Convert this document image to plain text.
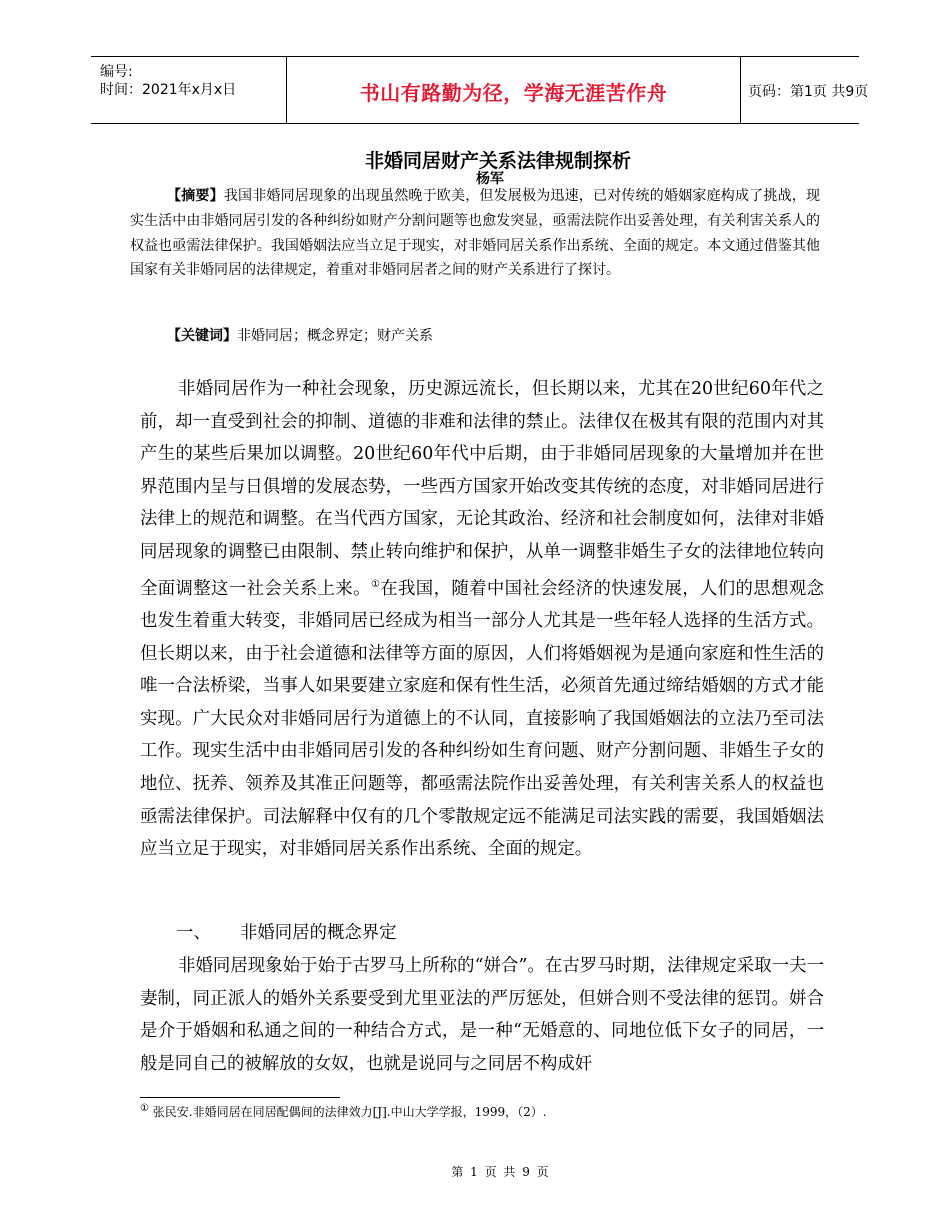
编号:
时间：2021年x月x日	书山有路勤为径，学海无涯苦作舟	页码：第1页 共9页
非婚同居财产关系法律规制探析
杨军

【摘要】我国非婚同居现象的出现虽然晚于欧美，但发展极为迅速，已对传统的婚姻家庭构成了挑战，现实生活中由非婚同居引发的各种纠纷如财产分割问题等也愈发突显，亟需法院作出妥善处理，有关利害关系人的权益也亟需法律保护。我国婚姻法应当立足于现实，对非婚同居关系作出系统、全面的规定。本文通过借鉴其他国家有关非婚同居的法律规定，着重对非婚同居者之间的财产关系进行了探讨。

【关键词】非婚同居；概念界定；财产关系

非婚同居作为一种社会现象，历史源远流长，但长期以来，尤其在20世纪60年代之前，却一直受到社会的抑制、道德的非难和法律的禁止。法律仅在极其有限的范围内对其产生的某些后果加以调整。20世纪60年代中后期，由于非婚同居现象的大量增加并在世界范围内呈与日俱增的发展态势，一些西方国家开始改变其传统的态度，对非婚同居进行法律上的规范和调整。在当代西方国家，无论其政治、经济和社会制度如何，法律对非婚同居现象的调整已由限制、禁止转向维护和保护，从单一调整非婚生子女的法律地位转向全面调整这一社会关系上来。①在我国，随着中国社会经济的快速发展，人们的思想观念也发生着重大转变，非婚同居已经成为相当一部分人尤其是一些年轻人选择的生活方式。但长期以来，由于社会道德和法律等方面的原因，人们将婚姻视为是通向家庭和性生活的唯一合法桥梁，当事人如果要建立家庭和保有性生活，必须首先通过缔结婚姻的方式才能实现。广大民众对非婚同居行为道德上的不认同，直接影响了我国婚姻法的立法乃至司法工作。现实生活中由非婚同居引发的各种纠纷如生育问题、财产分割问题、非婚生子女的地位、抚养、领养及其准正问题等，都亟需法院作出妥善处理，有关利害关系人的权益也亟需法律保护。司法解释中仅有的几个零散规定远不能满足司法实践的需要，我国婚姻法应当立足于现实，对非婚同居关系作出系统、全面的规定。

一、 非婚同居的概念界定

非婚同居现象始于始于古罗马上所称的“姘合”。在古罗马时期，法律规定采取一夫一妻制，同正派人的婚外关系要受到尤里亚法的严厉惩处，但姘合则不受法律的惩罚。姘合是介于婚姻和私通之间的一种结合方式，是一种“无婚意的、同地位低下女子的同居，一般是同自己的被解放的女奴，也就是说同与之同居不构成奸

① 张民安.非婚同居在同居配偶间的法律效力[J].中山大学学报，1999，（2）.
第 1 页 共 9 页
